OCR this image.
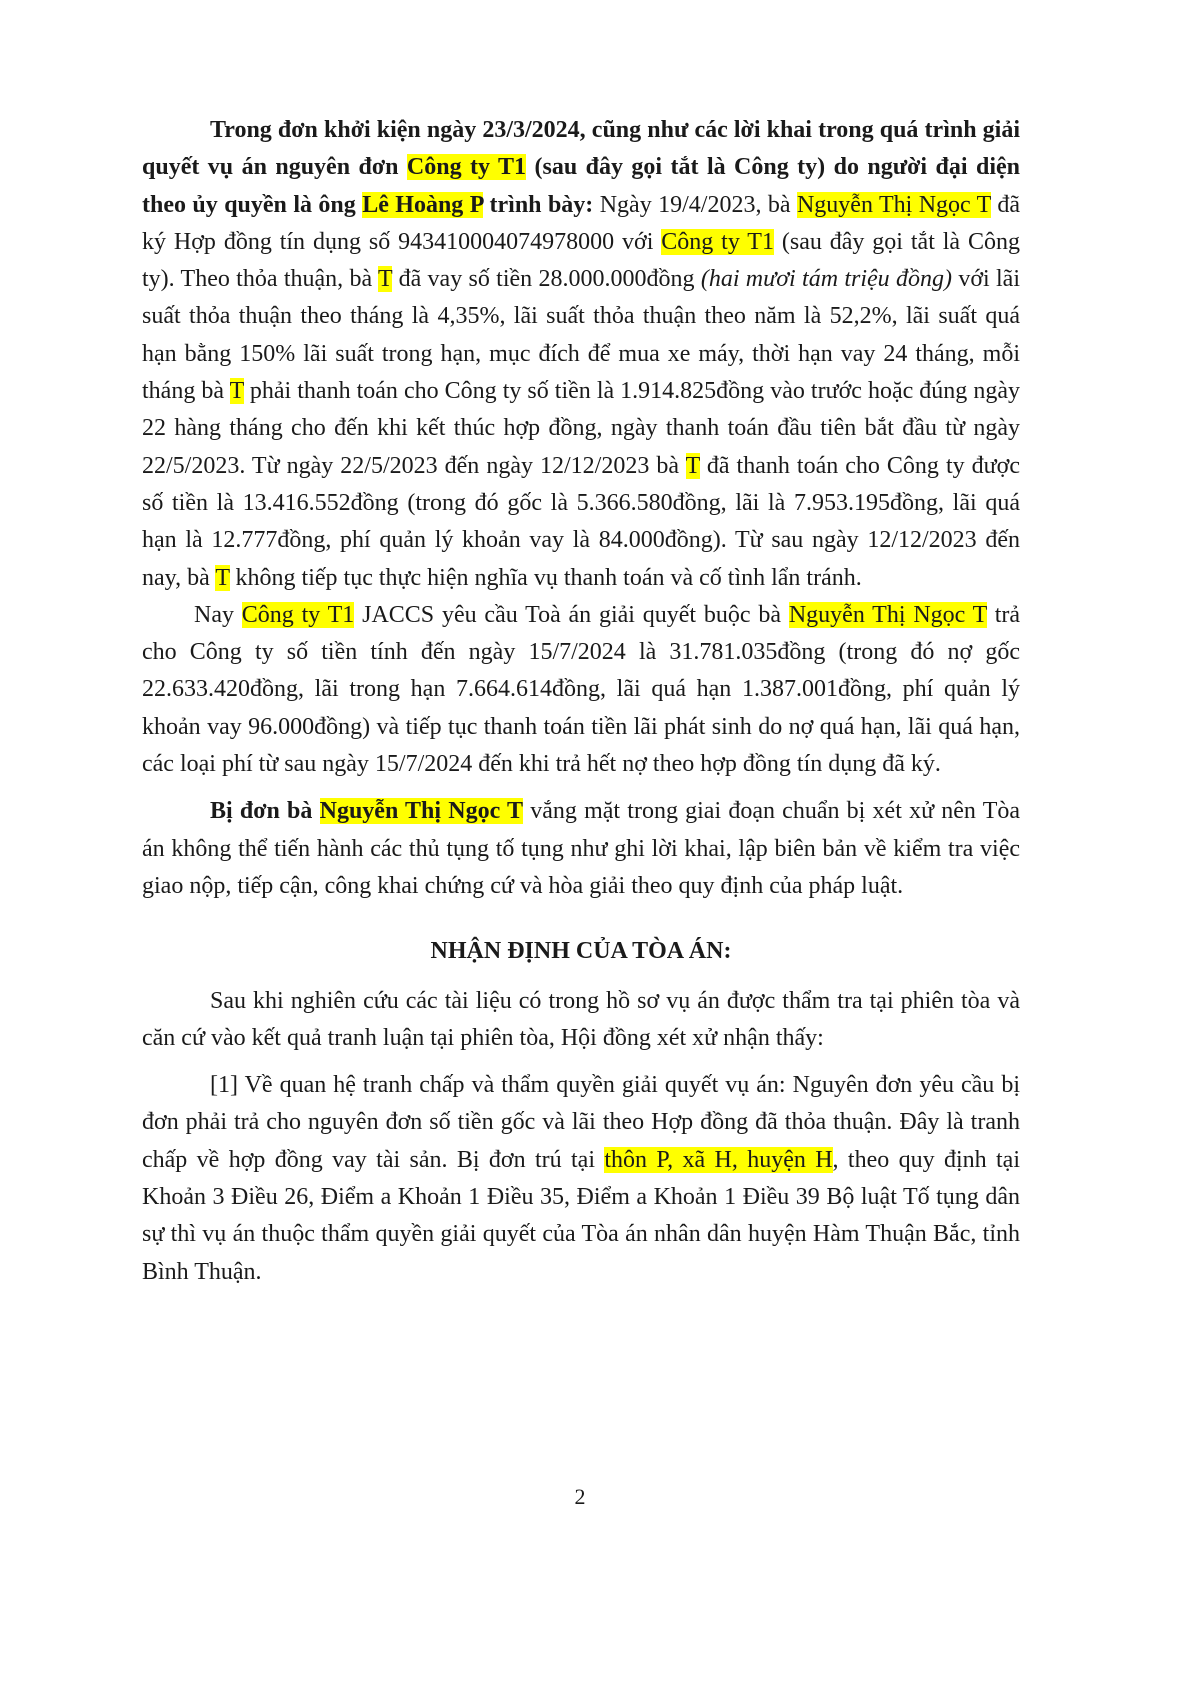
Trong đơn khởi kiện ngày 23/3/2024, cũng như các lời khai trong quá trình giải quyết vụ án nguyên đơn Công ty T1 (sau đây gọi tắt là Công ty) do người đại diện theo ủy quyền là ông Lê Hoàng P trình bày: Ngày 19/4/2023, bà Nguyễn Thị Ngọc T đã ký Hợp đồng tín dụng số 943410004074978000 với Công ty T1 (sau đây gọi tắt là Công ty). Theo thỏa thuận, bà T đã vay số tiền 28.000.000đồng (hai mươi tám triệu đồng) với lãi suất thỏa thuận theo tháng là 4,35%, lãi suất thỏa thuận theo năm là 52,2%, lãi suất quá hạn bằng 150% lãi suất trong hạn, mục đích để mua xe máy, thời hạn vay 24 tháng, mỗi tháng bà T phải thanh toán cho Công ty số tiền là 1.914.825đồng vào trước hoặc đúng ngày 22 hàng tháng cho đến khi kết thúc hợp đồng, ngày thanh toán đầu tiên bắt đầu từ ngày 22/5/2023. Từ ngày 22/5/2023 đến ngày 12/12/2023 bà T đã thanh toán cho Công ty được số tiền là 13.416.552đồng (trong đó gốc là 5.366.580đồng, lãi là 7.953.195đồng, lãi quá hạn là 12.777đồng, phí quản lý khoản vay là 84.000đồng). Từ sau ngày 12/12/2023 đến nay, bà T không tiếp tục thực hiện nghĩa vụ thanh toán và cố tình lẩn tránh.

Nay Công ty T1 JACCS yêu cầu Toà án giải quyết buộc bà Nguyễn Thị Ngọc T trả cho Công ty số tiền tính đến ngày 15/7/2024 là 31.781.035đồng (trong đó nợ gốc 22.633.420đồng, lãi trong hạn 7.664.614đồng, lãi quá hạn 1.387.001đồng, phí quản lý khoản vay 96.000đồng) và tiếp tục thanh toán tiền lãi phát sinh do nợ quá hạn, lãi quá hạn, các loại phí từ sau ngày 15/7/2024 đến khi trả hết nợ theo hợp đồng tín dụng đã ký.

Bị đơn bà Nguyễn Thị Ngọc T vắng mặt trong giai đoạn chuẩn bị xét xử nên Tòa án không thể tiến hành các thủ tụng tố tụng như ghi lời khai, lập biên bản về kiểm tra việc giao nộp, tiếp cận, công khai chứng cứ và hòa giải theo quy định của pháp luật.

NHẬN ĐỊNH CỦA TÒA ÁN:

Sau khi nghiên cứu các tài liệu có trong hồ sơ vụ án được thẩm tra tại phiên tòa và căn cứ vào kết quả tranh luận tại phiên tòa, Hội đồng xét xử nhận thấy:

[1] Về quan hệ tranh chấp và thẩm quyền giải quyết vụ án: Nguyên đơn yêu cầu bị đơn phải trả cho nguyên đơn số tiền gốc và lãi theo Hợp đồng đã thỏa thuận. Đây là tranh chấp về hợp đồng vay tài sản. Bị đơn trú tại thôn P, xã H, huyện H, theo quy định tại Khoản 3 Điều 26, Điểm a Khoản 1 Điều 35, Điểm a Khoản 1 Điều 39 Bộ luật Tố tụng dân sự thì vụ án thuộc thẩm quyền giải quyết của Tòa án nhân dân huyện Hàm Thuận Bắc, tỉnh Bình Thuận.

2
